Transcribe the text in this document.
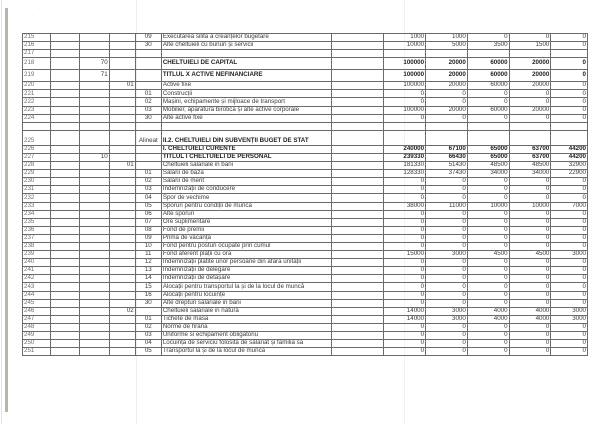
· ·
·
215				09	Executarea silită a creanțelor bugetare		1000	1000	0	0	0
216				30	Alte cheltuieli cu bunuri și servicii		10000	5000	3500	1500	0
217											
218		70			CHELTUIELI DE CAPITAL		100000	20000	60000	20000	0
219		71			TITLUL X ACTIVE NEFINANCIARE		100000	20000	60000	20000	0
220			01		Active fixe		100000	20000	60000	20000	0
221				01	Construcții		0	0	0	0	0
222				02	Mașini, echipamente și mijloace de transport		0	0	0	0	0
223				03	Mobilier, aparatură birotica și alte active corporale		100000	20000	60000	20000	0
224				30	Alte active fixe		0	0	0	0	0

225				Alineat	II.2. CHELTUIELI DIN SUBVENȚII BUGET DE STAT						
226					I. CHELTUIELI CURENTE		240000	67100	65000	63700	44200
227		10			TITLUL I CHELTUIELI DE PERSONAL		239330	66430	65000	63700	44200
228			01		Cheltuieli salariale in bani		181330	51430	48500	48500	32900
229				01	Salarii de bază		128330	37430	34000	34000	22900
230				02	Salarii de merit		0	0	0	0	0
231				03	Indemnizații de conducere		0	0	0	0	0
232				04	Spor de vechime		0	0	0	0	0
233				05	Sporuri pentru condiții de munca		38000	11000	10000	10000	7000
234				06	Alte sporuri		0	0	0	0	0
235				07	Ore suplimentare		0	0	0	0	0
236				08	Fond de premii		0	0	0	0	0
237				09	Prima de vacanță		0	0	0	0	0
238				10	Fond pentru posturi ocupate prin cumul		0	0	0	0	0
239				11	Fond aferent plății cu ora		15000	3000	4500	4500	3000
240				12	Indemnizații plătite unor persoane din afara unității		0	0	0	0	0
241				13	Indemnizații de delegare		0	0	0	0	0
242				14	Indemnizații de detașare		0	0	0	0	0
243				15	Alocații pentru transportul la și de la locul de muncă		0	0	0	0	0
244				16	Alocații pentru locuințe		0	0	0	0	0
245				30	Alte drepturi salariale in bani		0	0	0	0	0
246			02		Cheltuieli salariale in natură		14000	3000	4000	4000	3000
247				01	Tichete de masa		14000	3000	4000	4000	3000
248				02	Norme de hrana		0	0	0	0	0
249				03	Uniforme si echipament obligatoriu		0	0	0	0	0
250				04	Locuință de serviciu folosită de salariat și familia sa		0	0	0	0	0
251				05	Transportul la și de la locul de muncă		0	0	0	0	0
